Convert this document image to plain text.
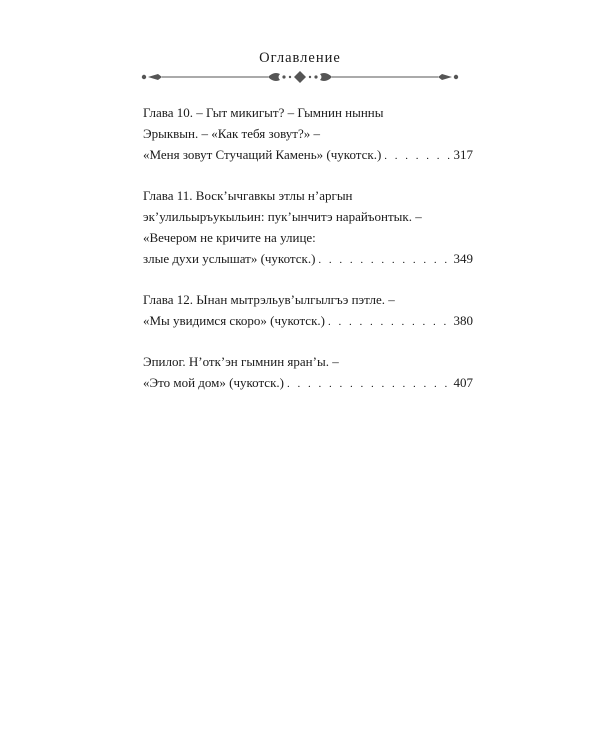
Оглавление
Глава 10. – Гыт микигыт? – Гымнин нынны
Эрыквын. – «Как тебя зовут?» –
«Меня зовут Стучащий Камень» (чукотск.) . . .	317
Глава 11. Воск’ычгавкы этлы н’аргын
эк’улильыръукыльин: пук’ынчитэ нарайъонтык. –
«Вечером не кричите на улице:
злые духи услышат» (чукотск.) . . .	349
Глава 12. Ынан мытрэльув’ылгылгъэ пэтле. –
«Мы увидимся скоро» (чукотск.) . . .	380
Эпилог. Н’отк’эн гымнин яран’ы. –
«Это мой дом» (чукотск.) . . .	407
